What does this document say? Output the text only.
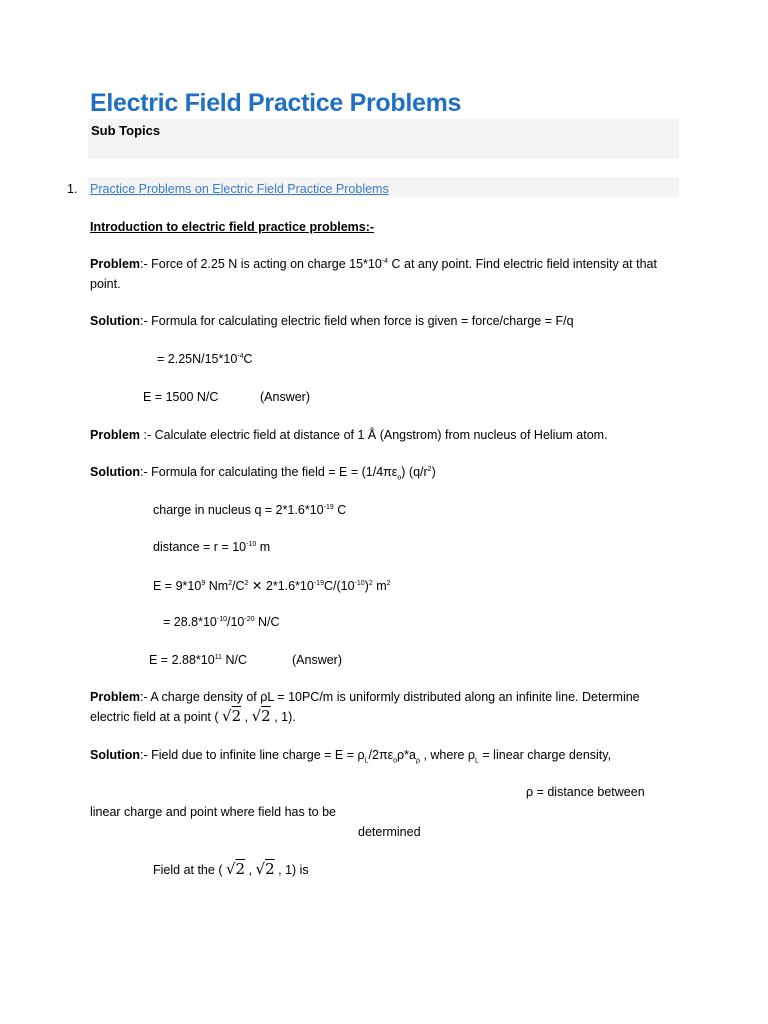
Electric Field Practice Problems
Sub Topics
1. Practice Problems on Electric Field Practice Problems
Introduction to electric field practice problems:-
Problem:- Force of 2.25 N is acting on charge $15*10^{-4}$ C at any point. Find electric field intensity at that
point.
Solution:- Formula for calculating electric field when force is given = force/charge = F/q
= $2.25N/15*10^{-4}C$
E = 1500 N/C	(Answer)
Problem :- Calculate electric field at distance of 1 Å (Angstrom) from nucleus of Helium atom.
Solution:- Formula for calculating the field = $E = (1/4\pi\varepsilon_o)$ $(q/r^2)$
charge in nucleus $q = 2*1.6*10^{-19}$ C
distance = $r = 10^{-10}$ m
$E = 9*10^9$ $Nm^2/C^2$ ✕ $2*1.6*10^{-19}C/(10^{-10})^2$ $m^2$
= $28.8*10^{-10}/10^{-20}$ N/C
$E = 2.88*10^{11}$ N/C	(Answer)
Problem:- A charge density of ρL = 10PC/m is uniformly distributed along an infinite line. Determine
electric field at a point ( √2 , √2 , 1).
Solution:- Field due to infinite line charge = $E = \rho_L/2\pi\varepsilon_o\rho*a_\rho$ , where $\rho_L$ = linear charge density,
ρ = distance between
linear charge and point where field has to be
determined
Field at the ( √2 , √2 , 1) is
